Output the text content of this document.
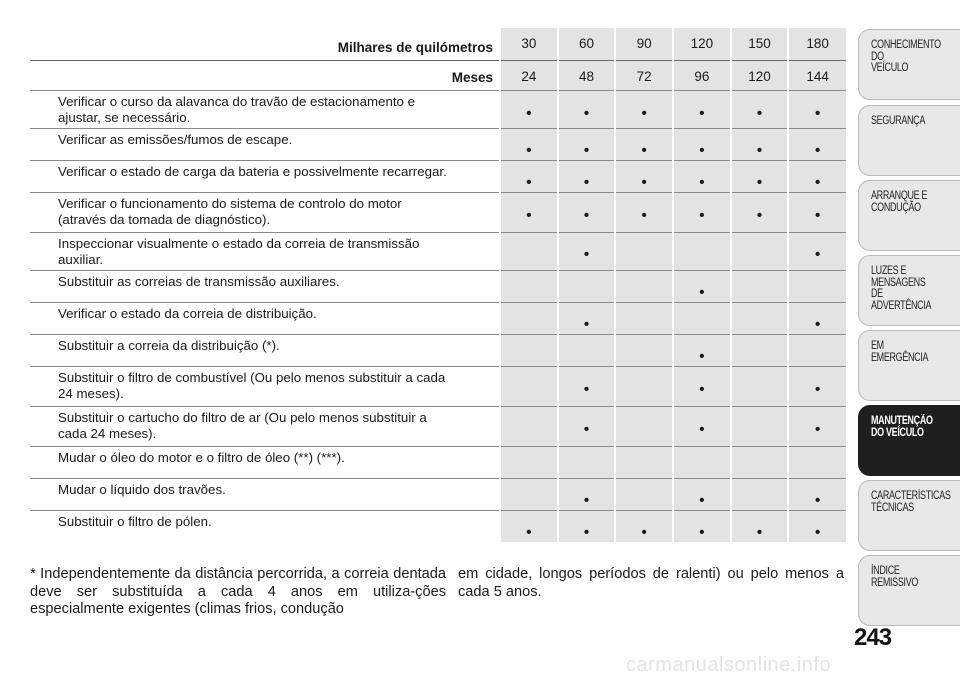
Milhares de quilómetros	30	60	90	120	150	180
Meses	24	48	72	96	120	144
Verificar o curso da alavanca do travão de estacionamento e
ajustar, se necessário.	•	•	•	•	•	•

Verificar as emissões/fumos de escape.	•	•	•	•	•	•

Verificar o estado de carga da bateria e possivelmente recarregar.	•	•	•	•	•	•

Verificar o funcionamento do sistema de controlo do motor
(através da tomada de diagnóstico).	•	•	•	•	•	•

Inspeccionar visualmente o estado da correia de transmissão
auxiliar.		•				•

Substituir as correias de transmissão auxiliares.				•		

Verificar o estado da correia de distribuição.		•				•

Substituir a correia da distribuição (*).				•		

Substituir o filtro de combustível (Ou pelo menos substituir a cada
24 meses).		•		•		•

Substituir o cartucho do filtro de ar (Ou pelo menos substituir a
cada 24 meses).		•		•		•

Mudar o óleo do motor e o filtro de óleo (**) (***).						
Mudar o líquido dos travões.		•		•		•

Substituir o filtro de pólen.	•	•	•	•	•	•

* Independentemente da distância percorrida, a correia dentada deve ser substituída a cada 4 anos em utiliza-ções especialmente exigentes (climas frios, condução

em cidade, longos períodos de ralenti) ou pelo menos a cada 5 anos.

CONHECIMENTO
DO
VEÍCULO
SEGURANÇA
ARRANQUE E
CONDUÇÃO
LUZES E
MENSAGENS
DE
ADVERTÊNCIA
EM
EMERGÊNCIA
MANUTENÇÃO
DO VEÍCULO
CARACTERÍSTICAS
TÉCNICAS
ÍNDICE
REMISSIVO
243
carmanualsonline.info
